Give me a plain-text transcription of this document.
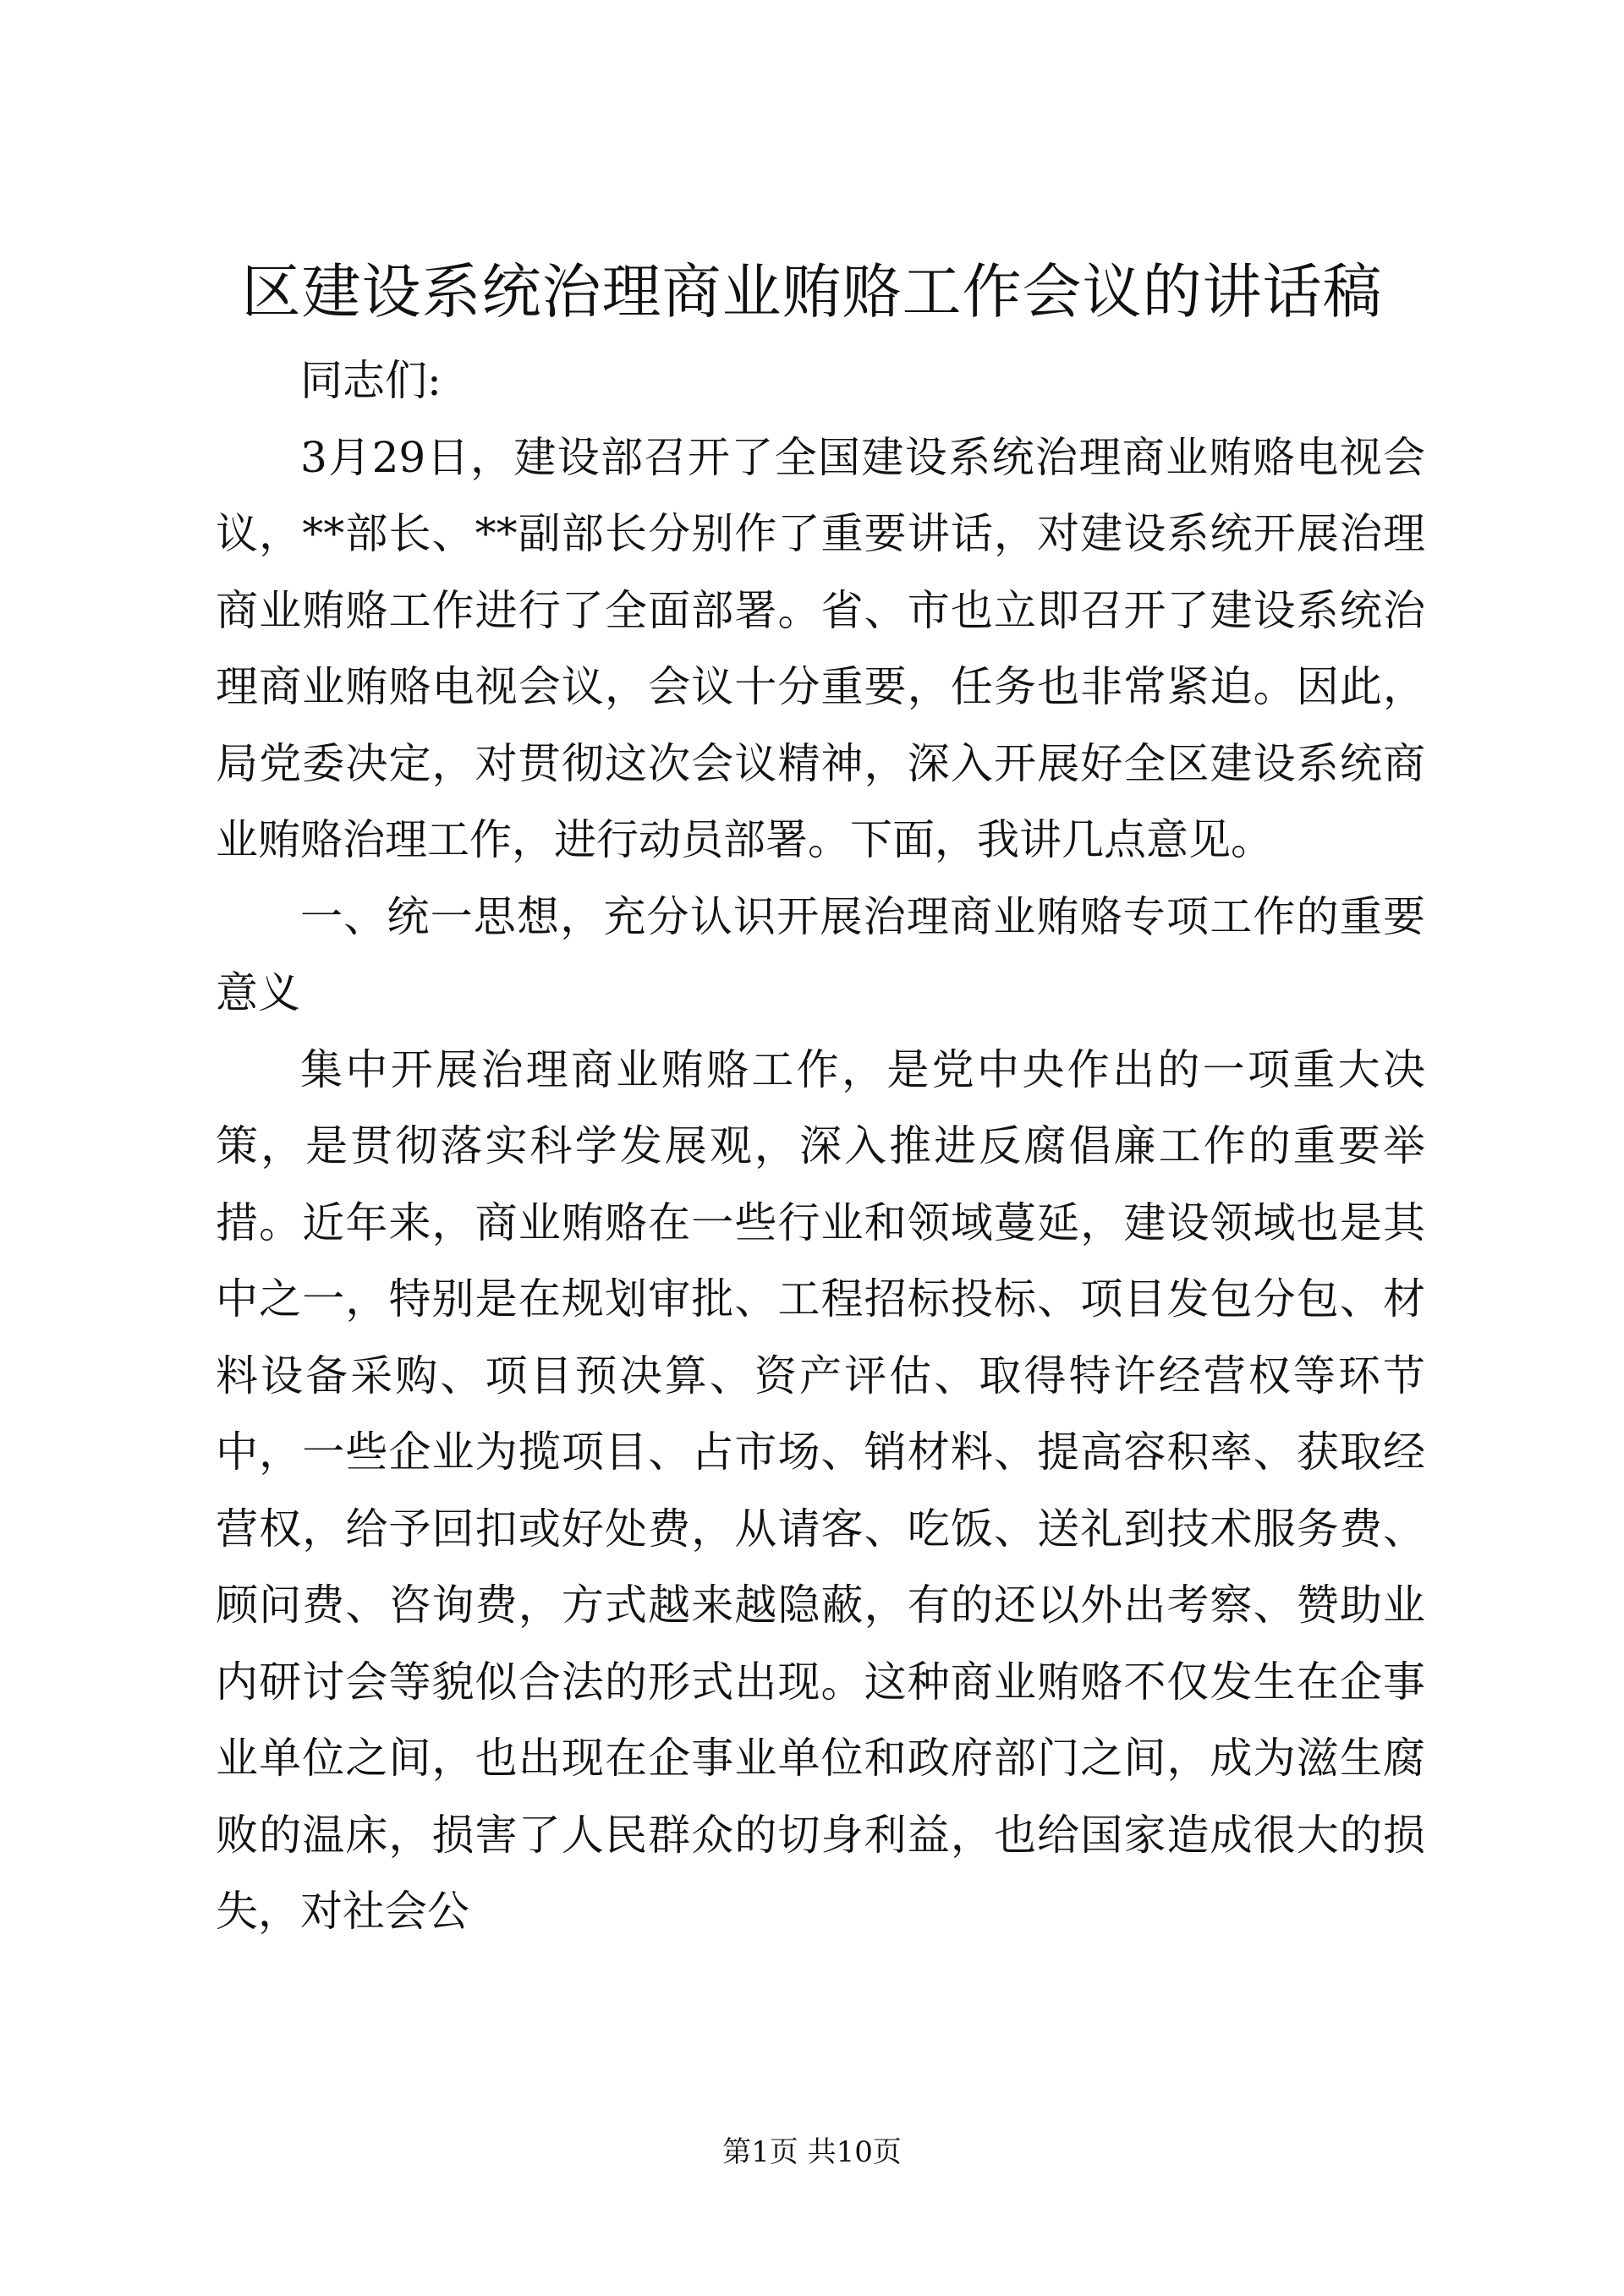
区建设系统治理商业贿赂工作会议的讲话稿

同志们:

3月29日，建设部召开了全国建设系统治理商业贿赂电视会议，**部长、**副部长分别作了重要讲话，对建设系统开展治理商业贿赂工作进行了全面部署。省、市也立即召开了建设系统治理商业贿赂电视会议，会议十分重要，任务也非常紧迫。因此，局党委决定，对贯彻这次会议精神，深入开展好全区建设系统商业贿赂治理工作，进行动员部署。下面，我讲几点意见。

一、统一思想，充分认识开展治理商业贿赂专项工作的重要意义

集中开展治理商业贿赂工作，是党中央作出的一项重大决策，是贯彻落实科学发展观，深入推进反腐倡廉工作的重要举措。近年来，商业贿赂在一些行业和领域蔓延，建设领域也是其中之一，特别是在规划审批、工程招标投标、项目发包分包、材料设备采购、项目预决算、资产评估、取得特许经营权等环节中，一些企业为揽项目、占市场、销材料、提高容积率、获取经营权，给予回扣或好处费，从请客、吃饭、送礼到技术服务费、顾问费、咨询费，方式越来越隐蔽，有的还以外出考察、赞助业内研讨会等貌似合法的形式出现。这种商业贿赂不仅发生在企事业单位之间，也出现在企事业单位和政府部门之间，成为滋生腐败的温床，损害了人民群众的切身利益，也给国家造成很大的损失，对社会公

第1页 共10页
